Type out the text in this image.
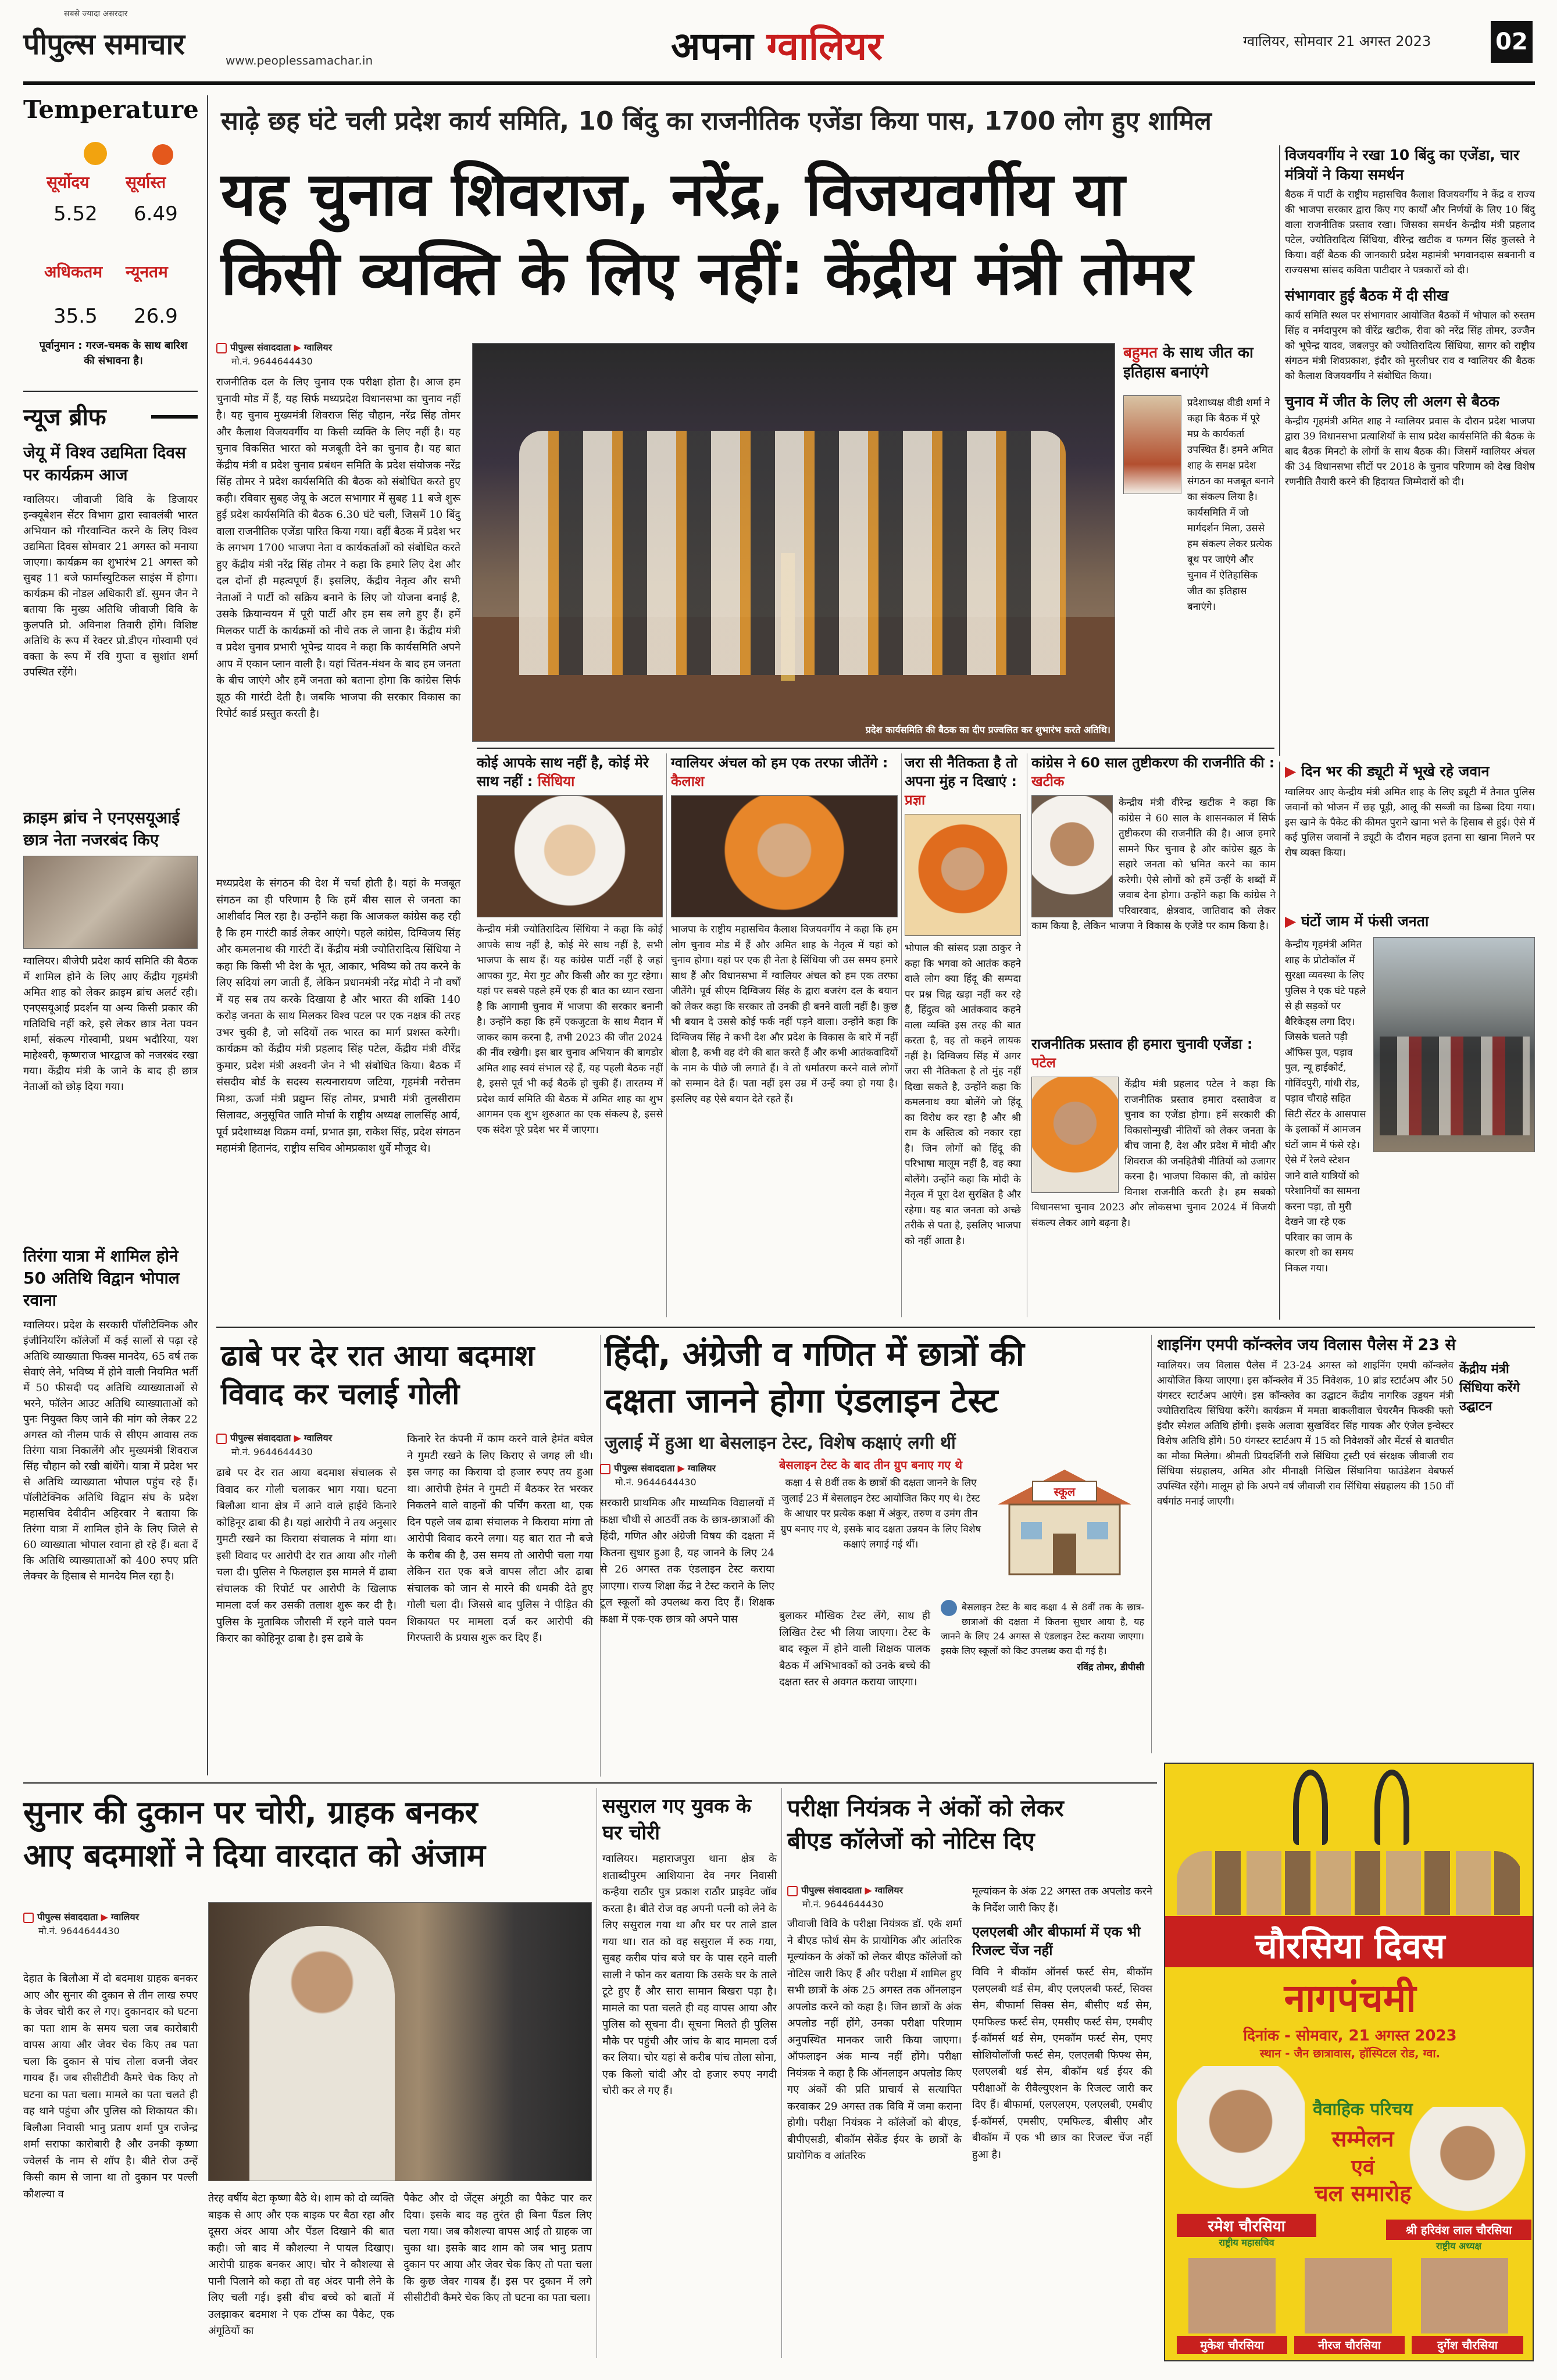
पीपुल्स समाचार
सबसे ज्यादा असरदार
www.peoplessamachar.in	अपना ग्वालियर	ग्वालियर, सोमवार 21 अगस्त 2023	02
Temperature
सूर्योदय सूर्यास्त
5.52 6.49
अधिकतम न्यूनतम
35.5 26.9
पूर्वानुमान : गरज-चमक के साथ बारिश की संभावना है।
न्यूज ब्रीफ
जेयू में विश्व उद्यमिता दिवस पर कार्यक्रम आज
ग्वालियर। जीवाजी विवि के डिजायर इन्क्यूबेशन सेंटर विभाग द्वारा स्वावलंबी भारत अभियान को गौरवान्वित करने के लिए विश्व उद्यमिता दिवस सोमवार 21 अगस्त को मनाया जाएगा। कार्यक्रम का शुभारंभ 21 अगस्त को सुबह 11 बजे फार्मास्युटिकल साइंस में होगा। कार्यक्रम की नोडल अधिकारी डॉ. सुमन जैन ने बताया कि मुख्य अतिथि जीवाजी विवि के कुलपति प्रो. अविनाश तिवारी होंगे। विशिष्ट अतिथि के रूप में रेक्टर प्रो.डीएन गोस्वामी एवं वक्ता के रूप में रवि गुप्ता व सुशांत शर्मा उपस्थित रहेंगे।
क्राइम ब्रांच ने एनएसयूआई छात्र नेता नजरबंद किए
ग्वालियर। बीजेपी प्रदेश कार्य समिति की बैठक में शामिल होने के लिए आए केंद्रीय गृहमंत्री अमित शाह को लेकर क्राइम ब्रांच अलर्ट रही। एनएसयूआई प्रदर्शन या अन्य किसी प्रकार की गतिविधि नहीं करे, इसे लेकर छात्र नेता पवन शर्मा, संकल्प गोस्वामी, प्रथम भदौरिया, यश माहेश्वरी, कृष्णराज भारद्वाज को नजरबंद रखा गया। केंद्रीय मंत्री के जाने के बाद ही छात्र नेताओं को छोड़ दिया गया।
तिरंगा यात्रा में शामिल होने 50 अतिथि विद्वान भोपाल रवाना
ग्वालियर। प्रदेश के सरकारी पॉलीटेक्निक और इंजीनियरिंग कॉलेजों में कई सालों से पढ़ा रहे अतिथि व्याख्याता फिक्स मानदेय, 65 वर्ष तक सेवाएं लेने, भविष्य में होने वाली नियमित भर्ती में 50 फीसदी पद अतिथि व्याख्याताओं से भरने, फॉलेन आउट अतिथि व्याख्याताओं को पुनः नियुक्त किए जाने की मांग को लेकर 22 अगस्त को नीलम पार्क से सीएम आवास तक तिरंगा यात्रा निकालेंगे और मुख्यमंत्री शिवराज सिंह चौहान को रखी बांधेंगे। यात्रा में प्रदेश भर से अतिथि व्याख्याता भोपाल पहुंच रहे हैं। पॉलीटेक्निक अतिथि विद्वान संघ के प्रदेश महासचिव देवीदीन अहिरवार ने बताया कि तिरंगा यात्रा में शामिल होने के लिए जिले से 60 व्याख्याता भोपाल रवाना हो रहे हैं। बता दें कि अतिथि व्याख्याताओं को 400 रुपए प्रति लेक्चर के हिसाब से मानदेय मिल रहा है।
साढ़े छह घंटे चली प्रदेश कार्य समिति, 10 बिंदु का राजनीतिक एजेंडा किया पास, 1700 लोग हुए शामिल
यह चुनाव शिवराज, नरेंद्र, विजयवर्गीय या
किसी व्यक्ति के लिए नहीं: केंद्रीय मंत्री तोमर
पीपुल्स संवाददाता ▶ ग्वालियर
मो.नं. 9644644430
राजनीतिक दल के लिए चुनाव एक परीक्षा होता है। आज हम चुनावी मोड में हैं, यह सिर्फ मध्यप्रदेश विधानसभा का चुनाव नहीं है। यह चुनाव मुख्यमंत्री शिवराज सिंह चौहान, नरेंद्र सिंह तोमर और कैलाश विजयवर्गीय या किसी व्यक्ति के लिए नहीं है। यह चुनाव विकसित भारत को मजबूती देने का चुनाव है। यह बात केंद्रीय मंत्री व प्रदेश चुनाव प्रबंधन समिति के प्रदेश संयोजक नरेंद्र सिंह तोमर ने प्रदेश कार्यसमिति की बैठक को संबोधित करते हुए कही। रविवार सुबह जेयू के अटल सभागार में सुबह 11 बजे शुरू हुई प्रदेश कार्यसमिति की बैठक 6.30 घंटे चली, जिसमें 10 बिंदु वाला राजनीतिक एजेंडा पारित किया गया। वहीं बैठक में प्रदेश भर के लगभग 1700 भाजपा नेता व कार्यकर्ताओं को संबोधित करते हुए केंद्रीय मंत्री नरेंद्र सिंह तोमर ने कहा कि हमारे लिए देश और दल दोनों ही महत्वपूर्ण हैं। इसलिए, केंद्रीय नेतृत्व और सभी नेताओं ने पार्टी को सक्रिय बनाने के लिए जो योजना बनाई है, उसके क्रियान्वयन में पूरी पार्टी और हम सब लगे हुए हैं। हमें मिलकर पार्टी के कार्यक्रमों को नीचे तक ले जाना है। केंद्रीय मंत्री व प्रदेश चुनाव प्रभारी भूपेन्द्र यादव ने कहा कि कार्यसमिति अपने आप में एकान प्लान वाली है। यहां चिंतन-मंथन के बाद हम जनता के बीच जाएंगे और हमें जनता को बताना होगा कि कांग्रेस सिर्फ झूठ की गारंटी देती है। जबकि भाजपा की सरकार विकास का रिपोर्ट कार्ड प्रस्तुत करती है।
मध्यप्रदेश के संगठन की देश में चर्चा होती है। यहां के मजबूत संगठन का ही परिणाम है कि हमें बीस साल से जनता का आशीर्वाद मिल रहा है। उन्होंने कहा कि आजकल कांग्रेस कह रही है कि हम गारंटी कार्ड लेकर आएंगे। पहले कांग्रेस, दिग्विजय सिंह और कमलनाथ की गारंटी दें। केंद्रीय मंत्री ज्योतिरादित्य सिंधिया ने कहा कि किसी भी देश के भूत, आकार, भविष्य को तय करने के लिए सदियां लग जाती हैं, लेकिन प्रधानमंत्री नरेंद्र मोदी ने नौ वर्षों में यह सब तय करके दिखाया है और भारत की शक्ति 140 करोड़ जनता के साथ मिलकर विश्व पटल पर एक नक्षत्र की तरह उभर चुकी है, जो सदियों तक भारत का मार्ग प्रशस्त करेगी। कार्यक्रम को केंद्रीय मंत्री प्रहलाद सिंह पटेल, केंद्रीय मंत्री वीरेंद्र कुमार, प्रदेश मंत्री अश्वनी जेन ने भी संबोधित किया। बैठक में संसदीय बोर्ड के सदस्य सत्यनारायण जटिया, गृहमंत्री नरोत्तम मिश्रा, ऊर्जा मंत्री प्रद्युम्न सिंह तोमर, प्रभारी मंत्री तुलसीराम सिलावट, अनुसूचित जाति मोर्चा के राष्ट्रीय अध्यक्ष लालसिंह आर्य, पूर्व प्रदेशाध्यक्ष विक्रम वर्मा, प्रभात झा, राकेश सिंह, प्रदेश संगठन महामंत्री हितानंद, राष्ट्रीय सचिव ओमप्रकाश धुर्वे मौजूद थे।
प्रदेश कार्यसमिति की बैठक का दीप प्रज्वलित कर शुभारंभ करते अतिथि।
बहुमत के साथ जीत का इतिहास बनाएंगे
प्रदेशाध्यक्ष वीडी शर्मा ने कहा कि बैठक में पूरे मप्र के कार्यकर्ता उपस्थित हैं। हमने अमित शाह के समक्ष प्रदेश संगठन का मजबूत बनाने का संकल्प लिया है। कार्यसमिति में जो मार्गदर्शन मिला, उससे हम संकल्प लेकर प्रत्येक बूथ पर जाएंगे और चुनाव में ऐतिहासिक जीत का इतिहास बनाएंगे।
विजयवर्गीय ने रखा 10 बिंदु का एजेंडा, चार मंत्रियों ने किया समर्थन
बैठक में पार्टी के राष्ट्रीय महासचिव कैलाश विजयवर्गीय ने केंद्र व राज्य की भाजपा सरकार द्वारा किए गए कार्यों और निर्णयों के लिए 10 बिंदु वाला राजनीतिक प्रस्ताव रखा। जिसका समर्थन केन्द्रीय मंत्री प्रहलाद पटेल, ज्योतिरादित्य सिंधिया, वीरेन्द्र खटीक व फग्गन सिंह कुलस्ते ने किया। वहीं बैठक की जानकारी प्रदेश महामंत्री भगवानदास सबनानी व राज्यसभा सांसद कविता पाटीदार ने पत्रकारों को दी।
संभागवार हुई बैठक में दी सीख
कार्य समिति स्थल पर संभागवार आयोजित बैठकों में भोपाल को रुस्तम सिंह व नर्मदापुरम को वीरेंद्र खटीक, रीवा को नरेंद्र सिंह तोमर, उज्जैन को भूपेन्द्र यादव, जबलपुर को ज्योतिरादित्य सिंधिया, सागर को राष्ट्रीय संगठन मंत्री शिवप्रकाश, इंदौर को मुरलीधर राव व ग्वालियर की बैठक को कैलाश विजयवर्गीय ने संबोधित किया।
चुनाव में जीत के लिए ली अलग से बैठक
केन्द्रीय गृहमंत्री अमित शाह ने ग्वालियर प्रवास के दौरान प्रदेश भाजपा द्वारा 39 विधानसभा प्रत्याशियों के साथ प्रदेश कार्यसमिति की बैठक के बाद बैठक मिनटो के लोगों के साथ बैठक की। जिसमें ग्वालियर अंचल की 34 विधानसभा सीटों पर 2018 के चुनाव परिणाम को देख विशेष रणनीति तैयारी करने की हिदायत जिम्मेदारों को दी।
कोई आपके साथ नहीं है, कोई मेरे साथ नहीं : सिंधिया
केन्द्रीय मंत्री ज्योतिरादित्य सिंधिया ने कहा कि कोई आपके साथ नहीं है, कोई मेरे साथ नहीं है, सभी भाजपा के साथ हैं। यह कांग्रेस पार्टी नहीं है जहां आपका गुट, मेरा गुट और किसी और का गुट रहेगा। यहां पर सबसे पहले हमें एक ही बात का ध्यान रखना है कि आगामी चुनाव में भाजपा की सरकार बनानी है। उन्होंने कहा कि हमें एकजुटता के साथ मैदान में जाकर काम करना है, तभी 2023 की जीत 2024 की नींव रखेगी। इस बार चुनाव अभियान की बागडोर अमित शाह स्वयं संभाल रहे हैं, यह पहली बैठक नहीं है, इससे पूर्व भी कई बैठकें हो चुकी हैं। तारतम्य में प्रदेश कार्य समिति की बैठक में अमित शाह का शुभ आगमन एक शुभ शुरुआत का एक संकल्प है, इससे एक संदेश पूरे प्रदेश भर में जाएगा।
ग्वालियर अंचल को हम एक तरफा जीतेंगे : कैलाश
भाजपा के राष्ट्रीय महासचिव कैलाश विजयवर्गीय ने कहा कि हम लोग चुनाव मोड में हैं और अमित शाह के नेतृत्व में यहां को चुनाव होगा। यहां पर एक ही नेता है सिंधिया जी उस समय हमारे साथ हैं और विधानसभा में ग्वालियर अंचल को हम एक तरफा जीतेंगे। पूर्व सीएम दिग्विजय सिंह के द्वारा बजरंग दल के बयान को लेकर कहा कि सरकार तो उनकी ही बनने वाली नहीं है। कुछ भी बयान दे उससे कोई फर्क नहीं पड़ने वाला। उन्होंने कहा कि दिग्विजय सिंह ने कभी देश और प्रदेश के विकास के बारे में नहीं बोला है, कभी वह दंगे की बात करते हैं और कभी आतंकवादियों के नाम के पीछे जी लगाते हैं। वे तो धर्मांतरण करने वाले लोगों को सम्मान देते हैं। पता नहीं इस उम्र में उन्हें क्या हो गया है। इसलिए वह ऐसे बयान देते रहते हैं।
जरा सी नैतिकता है तो अपना मुंह न दिखाएं : प्रज्ञा
भोपाल की सांसद प्रज्ञा ठाकुर ने कहा कि भगवा को आतंक कहने वाले लोग क्या हिंदू की सम्पदा पर प्रश्न चिह्न खड़ा नहीं कर रहे हैं, हिंदुत्व को आतंकवाद कहने वाला व्यक्ति इस तरह की बात करता है, वह तो कहने लायक नहीं है। दिग्विजय सिंह में अगर जरा सी नैतिकता है तो मुंह नहीं दिखा सकते है, उन्होंने कहा कि कमलनाथ क्या बोलेंगे जो हिंदू का विरोध कर रहा है और श्री राम के अस्तित्व को नकार रहा है। जिन लोगों को हिंदू की परिभाषा मालूम नहीं है, वह क्या बोलेंगे। उन्होंने कहा कि मोदी के नेतृत्व में पूरा देश सुरक्षित है और रहेगा। यह बात जनता को अच्छे तरीके से पता है, इसलिए भाजपा को नहीं आता है।
कांग्रेस ने 60 साल तुष्टीकरण की राजनीति की : खटीक
केन्द्रीय मंत्री वीरेन्द्र खटीक ने कहा कि कांग्रेस ने 60 साल के शासनकाल में सिर्फ तुष्टीकरण की राजनीति की है। आज हमारे सामने फिर चुनाव है और कांग्रेस झूठ के सहारे जनता को भ्रमित करने का काम करेगी। ऐसे लोगों को हमें उन्हीं के शब्दों में जवाब देना होगा। उन्होंने कहा कि कांग्रेस ने परिवारवाद, क्षेत्रवाद, जातिवाद को लेकर काम किया है, लेकिन भाजपा ने विकास के एजेंडे पर काम किया है।
राजनीतिक प्रस्ताव ही हमारा चुनावी एजेंडा : पटेल
केंद्रीय मंत्री प्रहलाद पटेल ने कहा कि राजनीतिक प्रस्ताव हमारा दस्तावेज व चुनाव का एजेंडा होगा। हमें सरकारी की विकासोन्मुखी नीतियों को लेकर जनता के बीच जाना है, देश और प्रदेश में मोदी और शिवराज की जनहितैषी नीतियों को उजागर करना है। भाजपा विकास की, तो कांग्रेस विनाश राजनीति करती है। हम सबको विधानसभा चुनाव 2023 और लोकसभा चुनाव 2024 में विजयी संकल्प लेकर आगे बढ़ना है।
▶ दिन भर की ड्यूटी में भूखे रहे जवान
ग्वालियर आए केन्द्रीय मंत्री अमित शाह के लिए ड्यूटी में तैनात पुलिस जवानों को भोजन में छह पूड़ी, आलू की सब्जी का डिब्बा दिया गया। इस खाने के पैकेट की कीमत पुराने खाना भत्ते के हिसाब से हुई। ऐसे में कई पुलिस जवानों ने ड्यूटी के दौरान महज इतना सा खाना मिलने पर रोष व्यक्त किया।
▶ घंटों जाम में फंसी जनता
केन्द्रीय गृहमंत्री अमित शाह के प्रोटोकॉल में सुरक्षा व्यवस्था के लिए पुलिस ने एक घंटे पहले से ही सड़कों पर बैरिकेड्स लगा दिए। जिसके चलते पड़ी ऑफिस पुल, पड़ाव पुल, न्यू हाईकोर्ट, गोविंदपुरी, गांधी रोड, पड़ाव चौराहे सहित सिटी सेंटर के आसपास के इलाकों में आमजन घंटों जाम में फंसे रहे। ऐसे में रेलवे स्टेशन जाने वाले यात्रियों को परेशानियों का सामना करना पड़ा, तो मुरी देखने जा रहे एक परिवार का जाम के कारण शो का समय निकल गया।
ढाबे पर देर रात आया बदमाश
विवाद कर चलाई गोली
पीपुल्स संवाददाता ▶ ग्वालियर
मो.नं. 9644644430
ढाबे पर देर रात आया बदमाश संचालक से विवाद कर गोली चलाकर भाग गया। घटना बिलौआ थाना क्षेत्र में आने वाले हाईवे किनारे कोहिनूर ढाबा की है। यहां आरोपी ने तय अनुसार गुमटी रखने का किराया संचालक ने मांगा था। इसी विवाद पर आरोपी देर रात आया और गोली चला दी। पुलिस ने फिलहाल इस मामले में ढाबा संचालक की रिपोर्ट पर आरोपी के खिलाफ मामला दर्ज कर उसकी तलाश शुरू कर दी है। पुलिस के मुताबिक जौरासी में रहने वाले पवन किरार का कोहिनूर ढाबा है। इस ढाबे के
किनारे रेत कंपनी में काम करने वाले हेमंत बघेल ने गुमटी रखने के लिए किराए से जगह ली थी। इस जगह का किराया दो हजार रुपए तय हुआ था। आरोपी हेमंत ने गुमटी में बैठकर रेत भरकर निकलने वाले वाहनों की पर्चिंग करता था, एक दिन पहले जब ढाबा संचालक ने किराया मांगा तो आरोपी विवाद करने लगा। यह बात रात नौ बजे के करीब की है, उस समय तो आरोपी चला गया लेकिन रात एक बजे वापस लौटा और ढाबा संचालक को जान से मारने की धमकी देते हुए गोली चला दी। जिससे बाद पुलिस ने पीड़ित की शिकायत पर मामला दर्ज कर आरोपी की गिरफ्तारी के प्रयास शुरू कर दिए हैं।
हिंदी, अंग्रेजी व गणित में छात्रों की
दक्षता जानने होगा एंडलाइन टेस्ट
जुलाई में हुआ था बेसलाइन टेस्ट, विशेष कक्षाएं लगी थीं
पीपुल्स संवाददाता ▶ ग्वालियर
मो.नं. 9644644430
सरकारी प्राथमिक और माध्यमिक विद्यालयों में कक्षा चौथी से आठवीं तक के छात्र-छात्राओं की हिंदी, गणित और अंग्रेजी विषय की दक्षता में कितना सुधार हुआ है, यह जानने के लिए 24 से 26 अगस्त तक एंडलाइन टेस्ट कराया जाएगा। राज्य शिक्षा केंद्र ने टेस्ट कराने के लिए टूल स्कूलों को उपलब्ध करा दिए हैं। शिक्षक कक्षा में एक-एक छात्र को अपने पास
बेसलाइन टेस्ट के बाद तीन ग्रुप बनाए गए थे
कक्षा 4 से 8वीं तक के छात्रों की दक्षता जानने के लिए जुलाई 23 में बेसलाइन टेस्ट आयोजित किए गए थे। टेस्ट के आधार पर प्रत्येक कक्षा में अंकुर, तरुण व उमंग तीन ग्रुप बनाए गए थे, इसके बाद दक्षता उन्नयन के लिए विशेष कक्षाएं लगाई गई थीं।
स्कूल
बुलाकर मौखिक टेस्ट लेंगे, साथ ही लिखित टेस्ट भी लिया जाएगा। टेस्ट के बाद स्कूल में होने वाली शिक्षक पालक बैठक में अभिभावकों को उनके बच्चे की दक्षता स्तर से अवगत कराया जाएगा।
बेसलाइन टेस्ट के बाद कक्षा 4 से 8वीं तक के छात्र-छात्राओं की दक्षता में कितना सुधार आया है, यह जानने के लिए 24 अगस्त से एंडलाइन टेस्ट कराया जाएगा। इसके लिए स्कूलों को किट उपलब्ध करा दी गई है।
रविंद्र तोमर, डीपीसी
शाइनिंग एमपी कॉन्क्लेव जय विलास पैलेस में 23 से
केंद्रीय मंत्री सिंधिया करेंगे उद्घाटन
ग्वालियर। जय विलास पैलेस में 23-24 अगस्त को शाइनिंग एमपी कॉन्क्लेव आयोजित किया जाएगा। इस कॉन्क्लेव में 35 निवेशक, 10 ब्रांड स्टार्टअप और 50 यंगस्टर स्टार्टअप आएंगे। इस कॉन्क्लेव का उद्घाटन केंद्रीय नागरिक उड्डयन मंत्री ज्योतिरादित्य सिंधिया करेंगे। कार्यक्रम में ममता बाकलीवाल चेयरमैन फिक्की फ्लो इंदौर स्पेशल अतिथि होंगी। इसके अलावा सुखविंदर सिंह गायक और एंजेल इन्वेस्टर विशेष अतिथि होंगे। 50 यंगस्टर स्टार्टअप में 15 को निवेशकों और मेंटर्स से बातचीत का मौका मिलेगा। श्रीमती प्रियदर्शिनी राजे सिंधिया ट्रस्टी एवं संरक्षक जीवाजी राव सिंधिया संग्रहालय, अमित और मीनाक्षी निखिल सिंघानिया फाउंडेशन वेबफर्स उपस्थित रहेंगे। मालूम हो कि अपने वर्ष जीवाजी राव सिंधिया संग्रहालय की 150 वीं वर्षगांठ मनाई जाएगी।
चौरसिया दिवस
नागपंचमी
दिनांक - सोमवार, 21 अगस्त 2023
स्थान - जैन छात्रावास, हॉस्पिटल रोड, ग्वा.
वैवाहिक परिचय
सम्मेलन
एवं
चल समारोह
रमेश चौरसिया
राष्ट्रीय महासचिव
श्री हरिवंश लाल चौरसिया
राष्ट्रीय अध्यक्ष
मुकेश चौरसिया	नीरज चौरसिया	दुर्गेश चौरसिया
सुनार की दुकान पर चोरी, ग्राहक बनकर
आए बदमाशों ने दिया वारदात को अंजाम
पीपुल्स संवाददाता ▶ ग्वालियर
मो.नं. 9644644430
देहात के बिलौआ में दो बदमाश ग्राहक बनकर आए और सुनार की दुकान से तीन लाख रुपए के जेवर चोरी कर ले गए। दुकानदार को घटना का पता शाम के समय चला जब कारोबारी वापस आया और जेवर चेक किए तब पता चला कि दुकान से पांच तोला वजनी जेवर गायब हैं। जब सीसीटीवी कैमरे चेक किए तो घटना का पता चला। मामले का पता चलते ही वह थाने पहुंचा और पुलिस को शिकायत की। बिलौआ निवासी भानु प्रताप शर्मा पुत्र राजेन्द्र शर्मा सराफा कारोबारी है और उनकी कृष्णा ज्वेलर्स के नाम से शॉप है। बीते रोज उन्हें किसी काम से जाना था तो दुकान पर पल्ली कौशल्या व	तेरह वर्षीय बेटा कृष्णा बैठे थे। शाम को दो व्यक्ति बाइक से आए और एक बाइक पर बैठा रहा और दूसरा अंदर आया और पेंडल दिखाने की बात कही। जो बाद में कौशल्या ने पायल दिखाए। आरोपी ग्राहक बनकर आए। चोर ने कौशल्या से पानी पिलाने को कहा तो वह अंदर पानी लेने के लिए चली गई। इसी बीच बच्चे को बातों में उलझाकर बदमाश ने एक टॉप्स का पैकेट, एक अंगूठियों का
पैकेट और दो जेंट्स अंगूठी का पैकेट पार कर दिया। इसके बाद वह तुरंत ही बिना पैंडल लिए चला गया। जब कौशल्या वापस आई तो ग्राहक जा चुका था। इसके बाद शाम को जब भानु प्रताप दुकान पर आया और जेवर चेक किए तो पता चला कि कुछ जेवर गायब हैं। इस पर दुकान में लगे सीसीटीवी कैमरे चेक किए तो घटना का पता चला।
ससुराल गए युवक के घर चोरी
ग्वालियर। महाराजपुरा थाना क्षेत्र के शताब्दीपुरम आशियाना देव नगर निवासी कन्हैया राठौर पुत्र प्रकाश राठौर प्राइवेट जॉब करता है। बीते रोज वह अपनी पत्नी को लेने के लिए ससुराल गया था और घर पर ताले डाल गया था। रात को वह ससुराल में रुक गया, सुबह करीब पांच बजे घर के पास रहने वाली साली ने फोन कर बताया कि उसके घर के ताले टूटे हुए हैं और सारा सामान बिखरा पड़ा है। मामले का पता चलते ही वह वापस आया और पुलिस को सूचना दी। सूचना मिलते ही पुलिस मौके पर पहुंची और जांच के बाद मामला दर्ज कर लिया। चोर यहां से करीब पांच तोला सोना, एक किलो चांदी और दो हजार रुपए नगदी चोरी कर ले गए हैं।
परीक्षा नियंत्रक ने अंकों को लेकर
बीएड कॉलेजों को नोटिस दिए
पीपुल्स संवाददाता ▶ ग्वालियर
मो.नं. 9644644430
जीवाजी विवि के परीक्षा नियंत्रक डॉ. एके शर्मा ने बीएड फोर्थ सेम के प्रायोगिक और आंतरिक मूल्यांकन के अंकों को लेकर बीएड कॉलेजों को नोटिस जारी किए हैं और परीक्षा में शामिल हुए सभी छात्रों के अंक 25 अगस्त तक ऑनलाइन अपलोड करने को कहा है। जिन छात्रों के अंक अपलोड नहीं होंगे, उनका परीक्षा परिणाम अनुपस्थित मानकर जारी किया जाएगा। ऑफलाइन अंक मान्य नहीं होंगे। परीक्षा नियंत्रक ने कहा है कि ऑनलाइन अपलोड किए गए अंकों की प्रति प्राचार्य से सत्यापित करवाकर 29 अगस्त तक विवि में जमा कराना होगी। परीक्षा नियंत्रक ने कॉलेजों को बीएड, बीपीएसडी, बीकॉम सेकेंड ईयर के छात्रों के प्रायोगिक व आंतरिक
मूल्यांकन के अंक 22 अगस्त तक अपलोड करने के निर्देश जारी किए हैं।
एलएलबी और बीफार्मा में एक भी रिजल्ट चेंज नहीं
विवि ने बीकॉम ऑनर्स फर्स्ट सेम, बीकॉम एलएलबी थर्ड सेम, बीए एलएलबी फर्स्ट, सिक्स सेम, बीफार्मा सिक्स सेम, बीसीए थर्ड सेम, एमफिल्ड फर्स्ट सेम, एमसीए फर्स्ट सेम, एमबीए ई-कॉमर्स थर्ड सेम, एमकॉम फर्स्ट सेम, एमए सोशियोलॉजी फर्स्ट सेम, एलएलबी फिफ्थ सेम, एलएलबी थर्ड सेम, बीकॉम थर्ड ईयर की परीक्षाओं के रीवैल्युएशन के रिजल्ट जारी कर दिए हैं। बीफार्मा, एलएलएम, एलएलबी, एमबीए ई-कॉमर्स, एमसीए, एमफिल्ड, बीसीए और बीकॉम में एक भी छात्र का रिजल्ट चेंज नहीं हुआ है।
